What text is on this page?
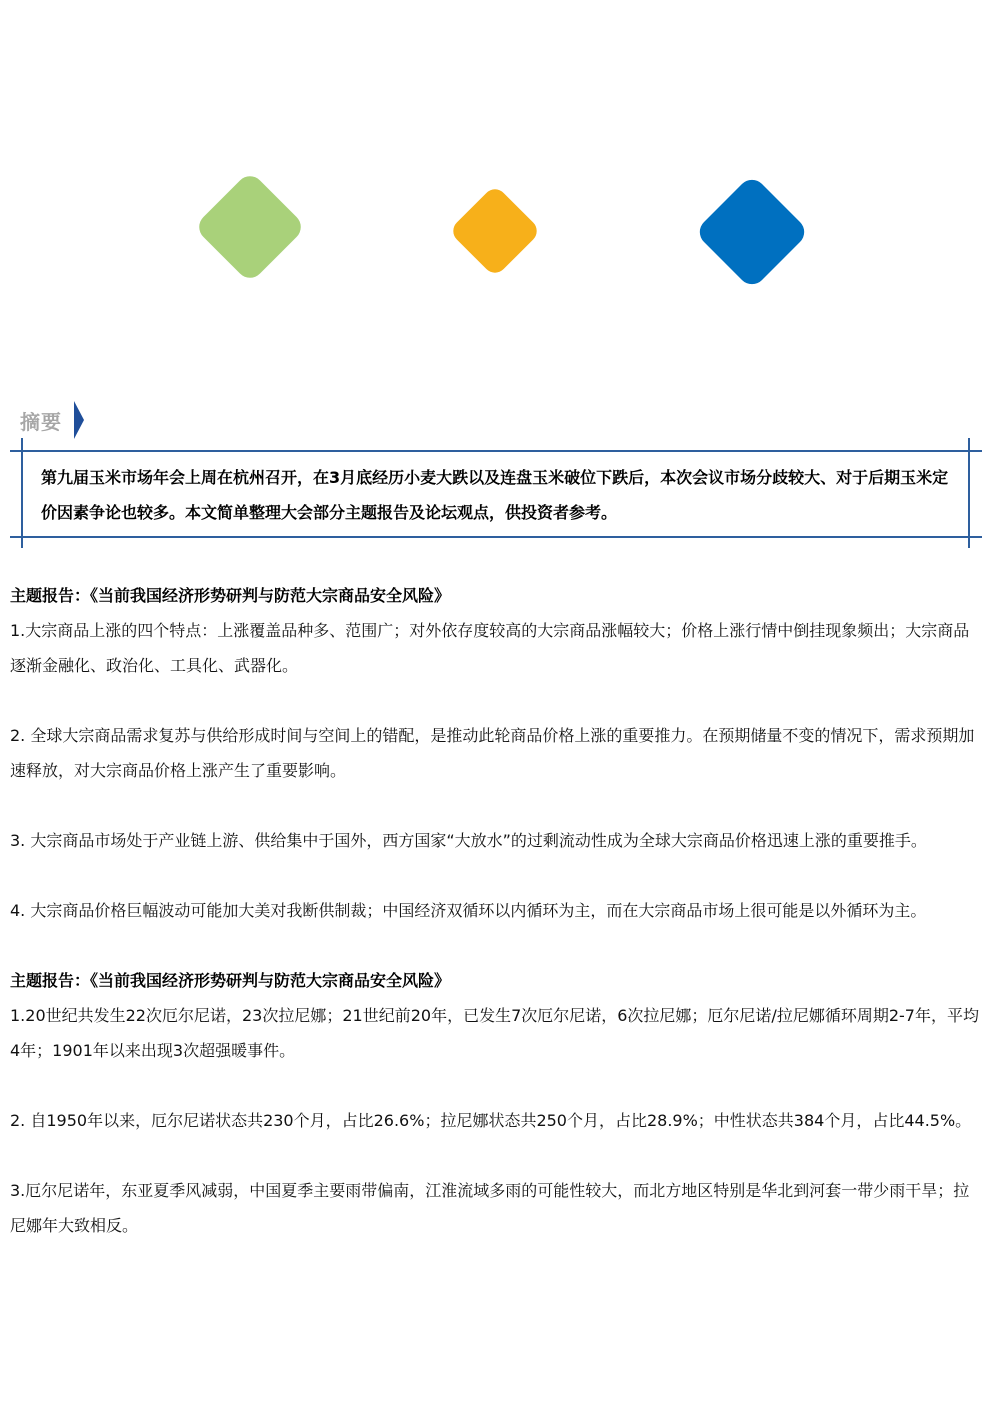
摘要

第九届玉米市场年会上周在杭州召开，在3月底经历小麦大跌以及连盘玉米破位下跌后，本次会议市场分歧较大、对于后期玉米定价因素争论也较多。本文简单整理大会部分主题报告及论坛观点，供投资者参考。

主题报告：《当前我国经济形势研判与防范大宗商品安全风险》

1.大宗商品上涨的四个特点：上涨覆盖品种多、范围广；对外依存度较高的大宗商品涨幅较大；价格上涨行情中倒挂现象频出；大宗商品逐渐金融化、政治化、工具化、武器化。

2. 全球大宗商品需求复苏与供给形成时间与空间上的错配，是推动此轮商品价格上涨的重要推力。在预期储量不变的情况下，需求预期加速释放，对大宗商品价格上涨产生了重要影响。

3. 大宗商品市场处于产业链上游、供给集中于国外，西方国家“大放水”的过剩流动性成为全球大宗商品价格迅速上涨的重要推手。

4. 大宗商品价格巨幅波动可能加大美对我断供制裁；中国经济双循环以内循环为主，而在大宗商品市场上很可能是以外循环为主。

主题报告：《当前我国经济形势研判与防范大宗商品安全风险》

1.20世纪共发生22次厄尔尼诺，23次拉尼娜；21世纪前20年，已发生7次厄尔尼诺，6次拉尼娜；厄尔尼诺/拉尼娜循环周期2-7年，平均4年；1901年以来出现3次超强暖事件。

2. 自1950年以来，厄尔尼诺状态共230个月，占比26.6%；拉尼娜状态共250个月，占比28.9%；中性状态共384个月，占比44.5%。

3.厄尔尼诺年，东亚夏季风减弱，中国夏季主要雨带偏南，江淮流域多雨的可能性较大，而北方地区特别是华北到河套一带少雨干旱；拉尼娜年大致相反。
